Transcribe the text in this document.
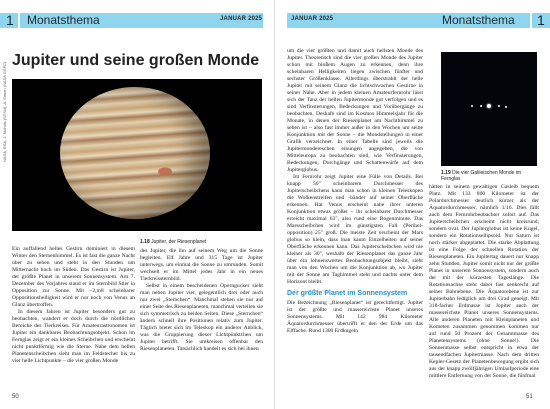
1 Monatsthema	JANUAR 2025
Jupiter und seine großen Monde
NASA, ESA, J. Nichols (STScI), A. Simon (NASA GSFC)
1.18 Jupiter, der Riesenplanet

Ein auffallend helles Gestirn dominiert in diesem Winter den Sternenhimmel. Es ist fast die ganze Nacht über zu sehen und steht in den Stunden um Mitternacht hoch im Süden. Das Gestirn ist Jupiter, der größte Planet in unserem Sonnensystem. Am 7. Dezember des Vorjahres stand er im Sternbild Stier in Opposition zur Sonne. Mit –2,m8 scheinbarer Oppositionshelligkeit wird er nur noch von Venus an Glanz übertroffen.

In diesem Jahren ist Jupiter besonders gut zu beobachten, wandert er doch durch die nördlichen Bereiche des Tierkreises. Für Amateurastronomen ist Jupiter ein dankbares Beobachtungsobjekt. Schon im Fernglas zeigt er ein kleines Scheibchen und erscheint nicht punktförmig wie die Sterne. Nahe dem hellen Planetenscheibchen sieht man im Feldstecher bis zu vier helle Lichtpunkte – die vier großen Monde

des Jupiter, die ihn auf seinem Weg um die Sonne begleiten. Elf Jahre und 315 Tage ist Jupiter unterwegs, um einmal die Sonne zu umrunden. Somit wechselt er im Mittel jedes Jahr in ein neues Tierkreissternbild.

Selbst in einem bescheidenen Operngucker sieht man neben Jupiter vier, gelegentlich drei oder auch nur zwei „Sternchen“. Manchmal stehen sie nur auf einer Seite des Riesenplaneten, manchmal verteilen sie sich symmetrisch zu beiden Seiten. Diese „Sternchen“ ändern schnell ihre Positionen relativ zum Jupiter. Täglich bietet sich im Teleskop ein anderer Anblick, was die Gruppierung dieser Lichtpünktchen um Jupiter betrifft. Sie umkreisen offenbar den Riesenplaneten. Tatsächlich handelt es sich bei ihnen

50
JANUAR 2025	Monatsthema 1

um die vier größten und damit auch hellsten Monde des Jupiter. Theoretisch sind die vier großen Monde des Jupiter schon mit bloßem Augen zu erkennen, denn ihre scheinbaren Helligkeiten liegen zwischen fünfter und sechster Größenklasse. Allerdings überstrahlt der helle Jupiter mit seinem Glanz die lichtschwachen Gestirne in seiner Nähe. Aber in jedem kleinen Amateurfernrohr lässt sich der Tanz der hellen Jupitermonde gut verfolgen und es sind Verfinsterungen, Bedeckungen und Vorübergänge zu beobachten. Deshalb sind im Kosmos Himmelsjahr für die Monate, in denen der Riesenplanet am Nachthimmel zu sehen ist – also fast immer außer in den Wochen um seine Konjunktion mit der Sonne – die Mondstellungen in einer Grafik verzeichnet. In einer Tabelle sind jeweils die Jupitermondereschen einungen angegeben, die von Mitteleuropa zu beobachten sind, wie Verfinsterungen, Bedeckungen, Durchgänge und Schattenwürfe auf dem Jupiterglobus.

Im Fernrohr zeigt Jupiter eine Fülle von Details. Bei knapp 50" scheinbarem Durchmesser des Jupiterscheibchens kann man schon in kleinen Teleskopen die Wolkenstreifen und -bänder auf seiner Oberfläche erkennen. Hat Venus erscheint nahe ihrer unteren Konjunktion etwas größer – ihr scheinbarer Durchmesser erreicht maximal 63", also rund eine Bogenminute. Das Marsscheibchen wird im günstigsten Fall (Perihel-opposition) 25" groß. Die meiste Zeit erscheint der Mars globus so klein, dass man kaum Einzelheiten auf seiner Oberfläche erkennen kann. Das Jupiterscheibchen wird nie kleiner als 30", weshalb der Riesenplanet das ganze Jahr über ein lohnenswertes Beobachtungsobjekt bleibt, sieht man von den Wochen um die Konjunktion ab, wo Jupiter mit der Sonne am Taghimmel steht und nachts unter dem Horizont bleibt.

Der größte Planet im Sonnensystem

Die Bezeichnung „Riesenplanet“ ist gerechtfertigt. Jupiter ist der größte und massereichste Planet unseres Sonnensystems. Mit 142 984 Kilometer Äquatordurchmesser übertrifft er den der Erde um das Elffache. Rund 1300 Erdkugeln

1.19 Die vier Galileischen Monde im Fernglas

hätten in seinem gewaltigen Gasleib bequem Platz. Mit 133 800 Kilometer ist der Polardurchmesser deutlich kürzer als der Äquatordurchmesser, nämlich 1/16. Dies fällt auch dem Fernrohrbeobachter sofort auf. Das Jupiterscheibchen erscheint nicht kreisrund, sondern oval. Der Jupiterglobus ist keine Kugel, sondern ein Rotationsellipsoid. Nur Saturn ist noch stärker abgeplattet. Die starke Abplattung ist eine Folge der schnellen Rotation der Riesenplaneten. Ein Jupitertag dauert nur knapp zehn Stunden. Jupiter somit nicht nur der größte Planet in unserem Sonnensystem, sondern auch der mit der kürzesten Tageslänge. Die Rotationsachse steht dabei fast senkrecht auf seiner Bahnebene. Die Äquatorebene ist zur Jupiterbahn lediglich um drei Grad geneigt. Mit 318-facher Erdmasse ist Jupiter auch der massereichste Planet unseres Sonnensystems. Alle anderen Planeten mit Kleinplaneten und Kometen zusammen genommen kommen nur auf rund 50 Prozent der Gesamtmasse des Planetensystems (ohne Sonne!). Die Sonnenmasse selbst entspricht in etwa der tausendfachen Jupitermasse. Nach dem dritten Kepler-Gesetz der Planetenbewegung ergibt sich aus der knapp zwölfjährigen Umlaufperiode eine mittlere Entfernung von der Sonne, die fünfmal

51
